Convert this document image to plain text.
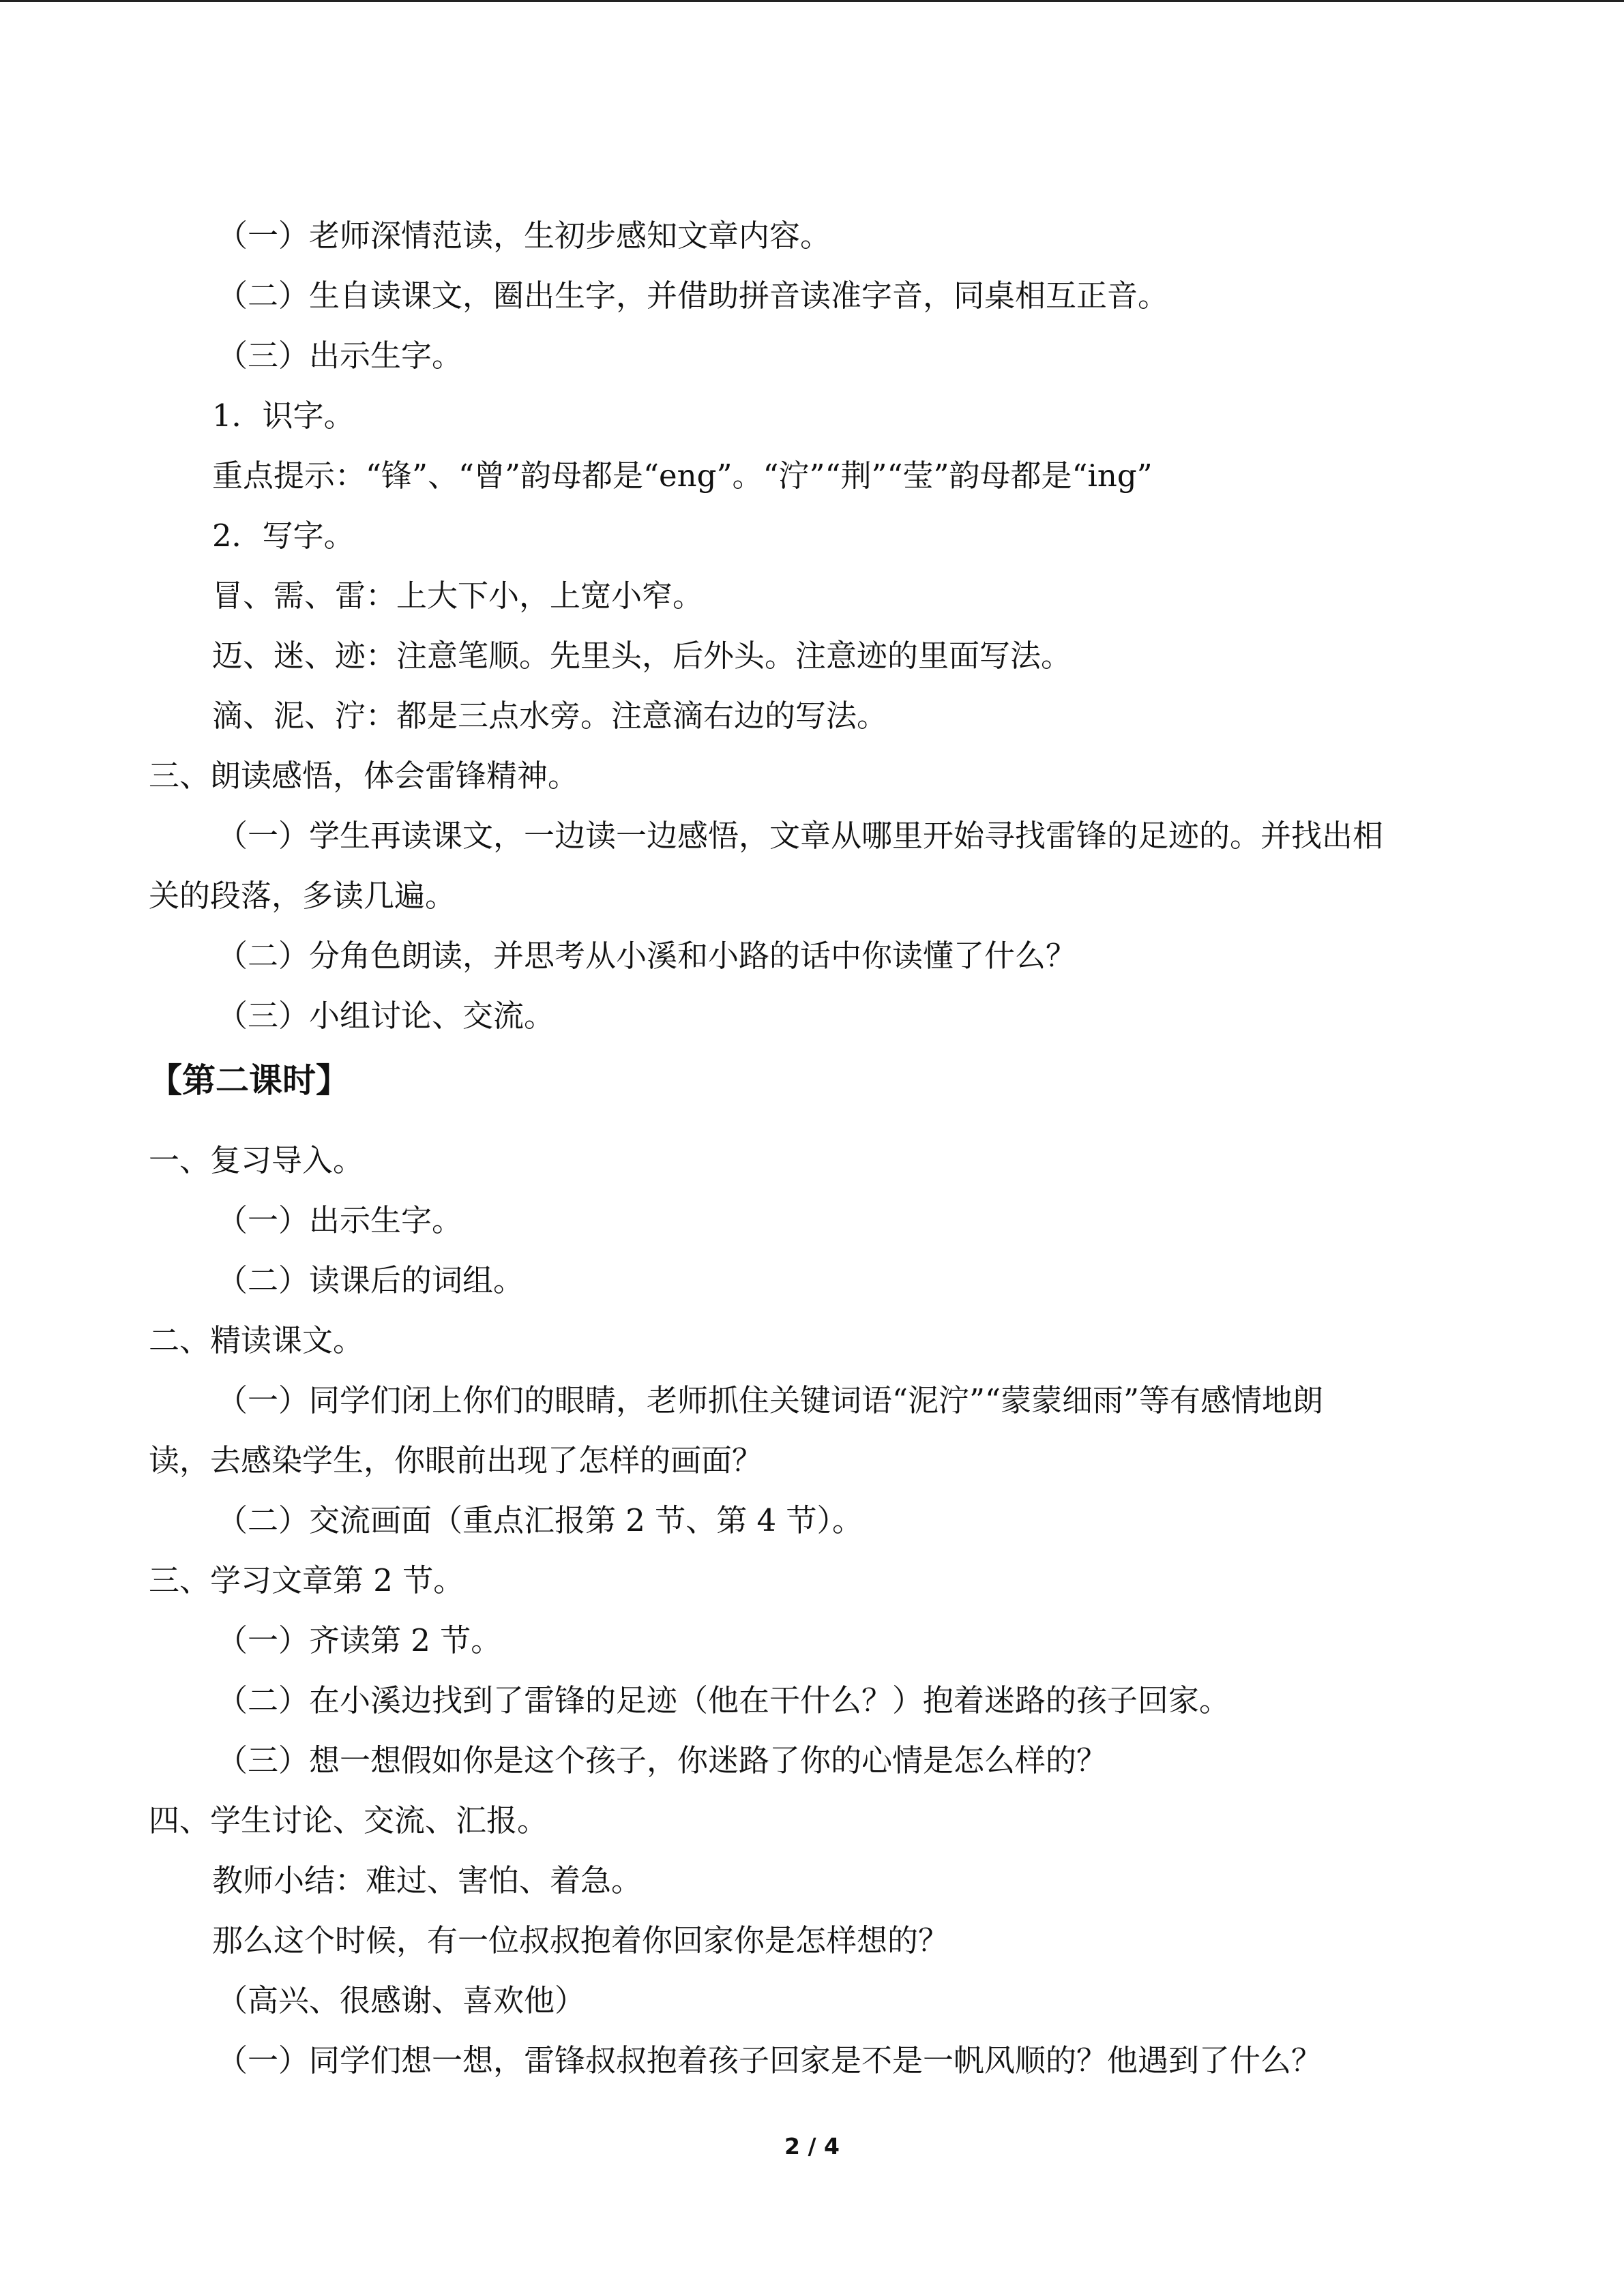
（一）老师深情范读，生初步感知文章内容。
（二）生自读课文，圈出生字，并借助拼音读准字音，同桌相互正音。
（三）出示生字。
1．识字。
重点提示：“锋”、“曾”韵母都是“eng”。“泞”“荆”“莹”韵母都是“ing”
2．写字。
冒、需、雷：上大下小，上宽小窄。
迈、迷、迹：注意笔顺。先里头，后外头。注意迹的里面写法。
滴、泥、泞：都是三点水旁。注意滴右边的写法。
三、朗读感悟，体会雷锋精神。
（一）学生再读课文，一边读一边感悟，文章从哪里开始寻找雷锋的足迹的。并找出相
关的段落，多读几遍。
（二）分角色朗读，并思考从小溪和小路的话中你读懂了什么？
（三）小组讨论、交流。
【第二课时】
一、复习导入。
（一）出示生字。
（二）读课后的词组。
二、精读课文。
（一）同学们闭上你们的眼睛，老师抓住关键词语“泥泞”“蒙蒙细雨”等有感情地朗
读，去感染学生，你眼前出现了怎样的画面？
（二）交流画面（重点汇报第 2 节、第 4 节）。
三、学习文章第 2 节。
（一）齐读第 2 节。
（二）在小溪边找到了雷锋的足迹（他在干什么？）抱着迷路的孩子回家。
（三）想一想假如你是这个孩子，你迷路了你的心情是怎么样的？
四、学生讨论、交流、汇报。
教师小结：难过、害怕、着急。
那么这个时候，有一位叔叔抱着你回家你是怎样想的？
（高兴、很感谢、喜欢他）
（一）同学们想一想，雷锋叔叔抱着孩子回家是不是一帆风顺的？他遇到了什么？
2 / 4
